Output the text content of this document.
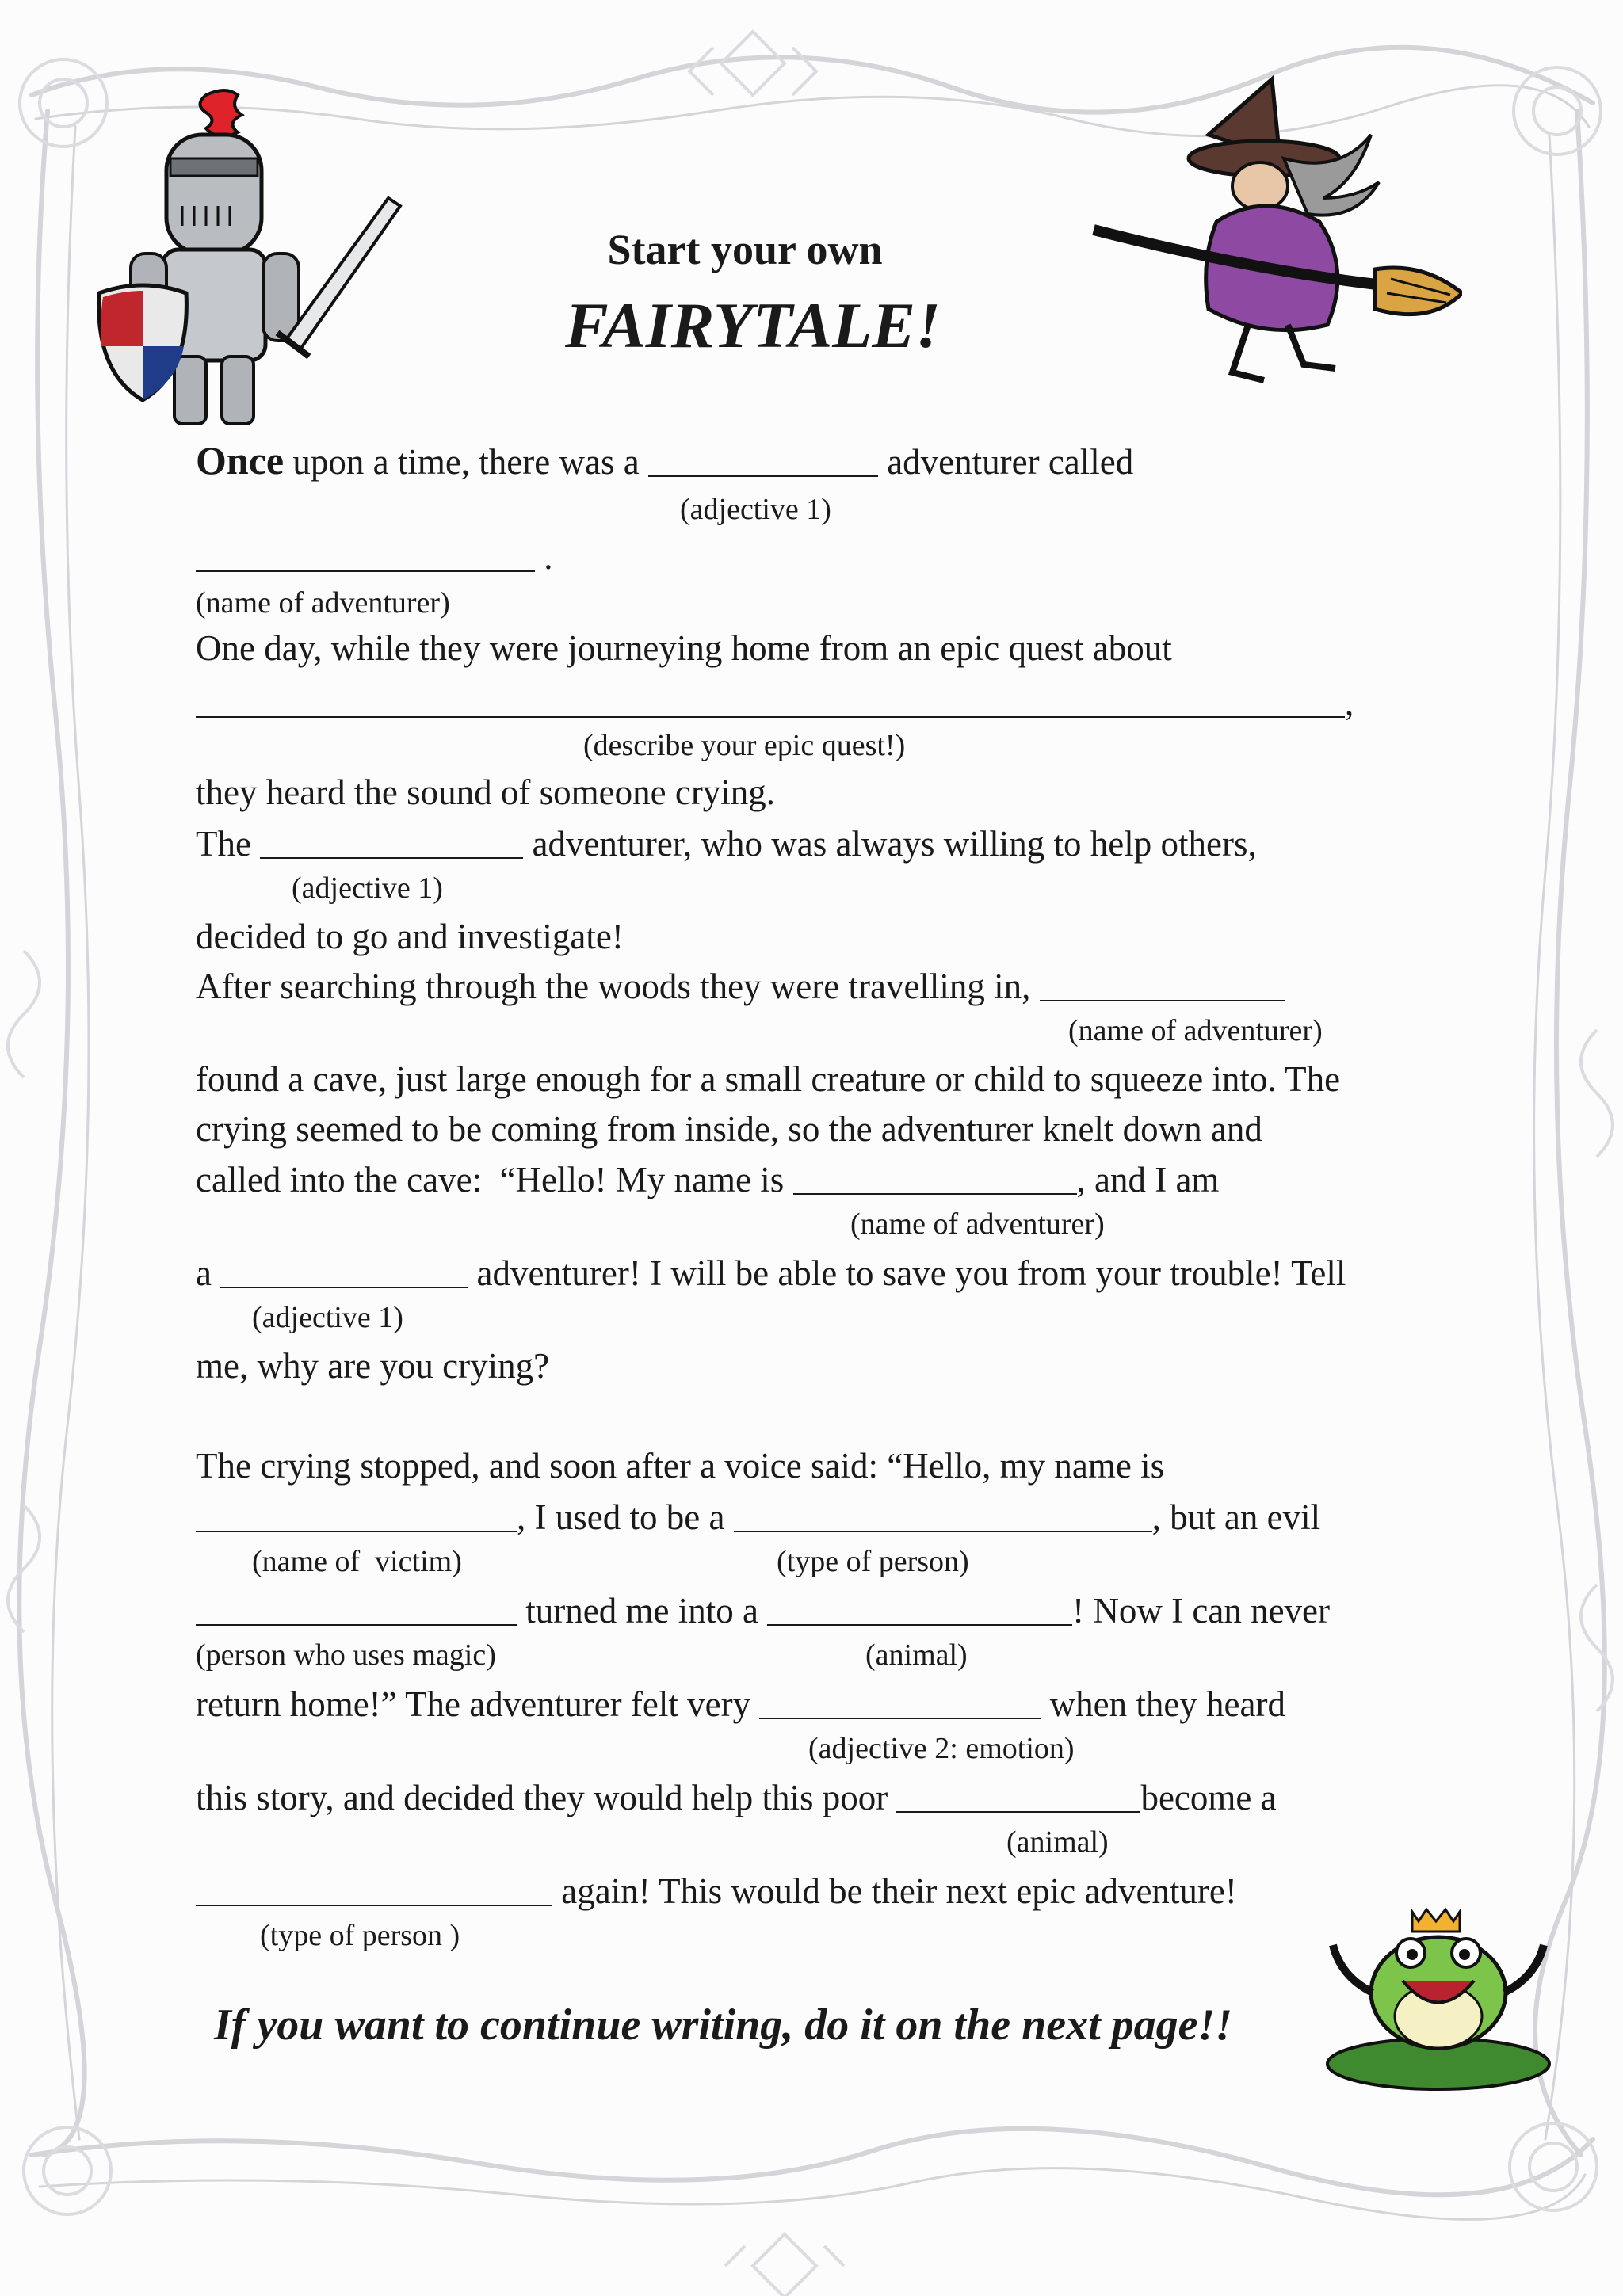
Start your own
FAIRYTALE!
Once upon a time, there was a	adventurer called
(adjective 1)
.
(name of adventurer)
One day, while they were journeying home from an epic quest about
,
(describe your epic quest!)
they heard the sound of someone crying.
The	adventurer, who was always willing to help others,
(adjective 1)
decided to go and investigate!
After searching through the woods they were travelling in,
(name of adventurer)
found a cave, just large enough for a small creature or child to squeeze into. The
crying seemed to be coming from inside, so the adventurer knelt down and
called into the cave:  “Hello! My name is	, and I am
(name of adventurer)
a	adventurer! I will be able to save you from your trouble! Tell
(adjective 1)
me, why are you crying?
The crying stopped, and soon after a voice said: “Hello, my name is
, I used to be a	, but an evil
(name of  victim)	(type of person)
turned me into a	! Now I can never
(person who uses magic)	(animal)
return home!” The adventurer felt very	when they heard
(adjective 2: emotion)
this story, and decided they would help this poor	become a
(animal)
again! This would be their next epic adventure!
(type of person )
If you want to continue writing, do it on the next page!!
